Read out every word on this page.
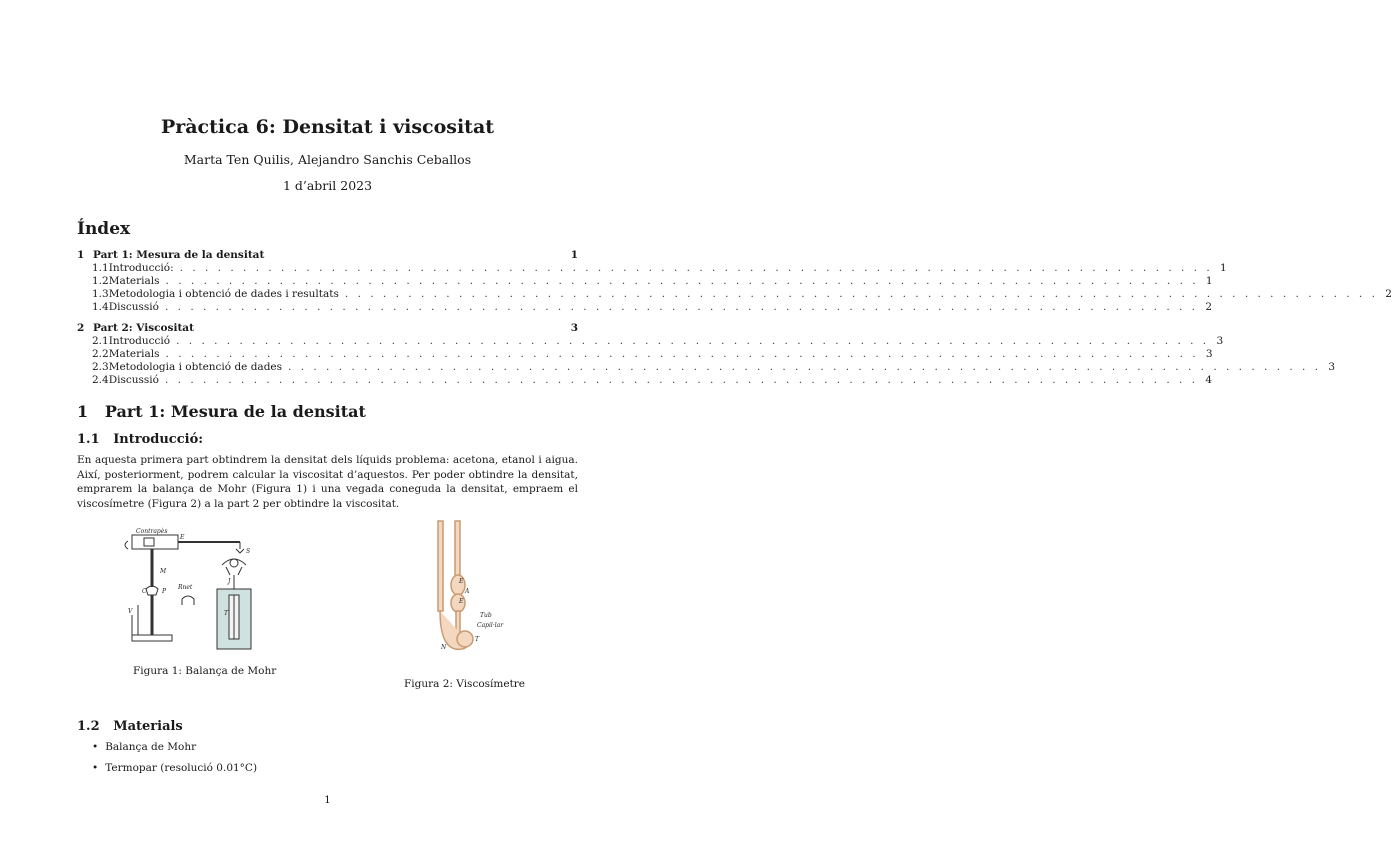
Pràctica 6: Densitat i viscositat
Marta Ten Quilis, Alejandro Sanchis Ceballos
1 d’abril 2023
Índex
1 Part 1: Mesura de la densitat	1
1.1 Introducció: . . . . . . . . . . . . . . . . . . . . . . . . . . . . . . . . . . . . . . . . . . . . . . . . . . . . . . . . . . . . . . . . . . . . . . . . . . . . . . . . . . 1
1.2 Materials . . . . . . . . . . . . . . . . . . . . . . . . . . . . . . . . . . . . . . . . . . . . . . . . . . . . . . . . . . . . . . . . . . . . . . . . . . . . . . . . . . 1
1.3 Metodologia i obtenció de dades i resultats . . . . . . . . . . . . . . . . . . . . . . . . . . . . . . . . . . . . . . . . . . . . . . . . . . . . . . . . . . . . . . . . . . . . . . . . . . . . . . . . . . 2
1.4 Discussió . . . . . . . . . . . . . . . . . . . . . . . . . . . . . . . . . . . . . . . . . . . . . . . . . . . . . . . . . . . . . . . . . . . . . . . . . . . . . . . . . . 2
2 Part 2: Viscositat	3
2.1 Introducció . . . . . . . . . . . . . . . . . . . . . . . . . . . . . . . . . . . . . . . . . . . . . . . . . . . . . . . . . . . . . . . . . . . . . . . . . . . . . . . . . . 3
2.2 Materials . . . . . . . . . . . . . . . . . . . . . . . . . . . . . . . . . . . . . . . . . . . . . . . . . . . . . . . . . . . . . . . . . . . . . . . . . . . . . . . . . . 3
2.3 Metodologia i obtenció de dades . . . . . . . . . . . . . . . . . . . . . . . . . . . . . . . . . . . . . . . . . . . . . . . . . . . . . . . . . . . . . . . . . . . . . . . . . . . . . . . . . . 3
2.4 Discussió . . . . . . . . . . . . . . . . . . . . . . . . . . . . . . . . . . . . . . . . . . . . . . . . . . . . . . . . . . . . . . . . . . . . . . . . . . . . . . . . . . 4
1   Part 1: Mesura de la densitat
1.1   Introducció:
En aquesta primera part obtindrem la densitat dels líquids problema: acetona, etanol i aigua. Així, posteriorment, podrem calcular la viscositat d’aquestos. Per poder obtindre la densitat, emprarem la balança de Mohr (Figura 1) i una vegada coneguda la densitat, empraem el viscosímetre (Figura 2) a la part 2 per obtindre la viscositat.
Contrapès
E
S
J
C	P
V
Rnet
T
M
Figura 1: Balança de Mohr
E
A
E
Tub
Capil·lar
N
T
Figura 2: Viscosímetre
1.2   Materials
• Balança de Mohr
• Termopar (resolució 0.01°C)
1
